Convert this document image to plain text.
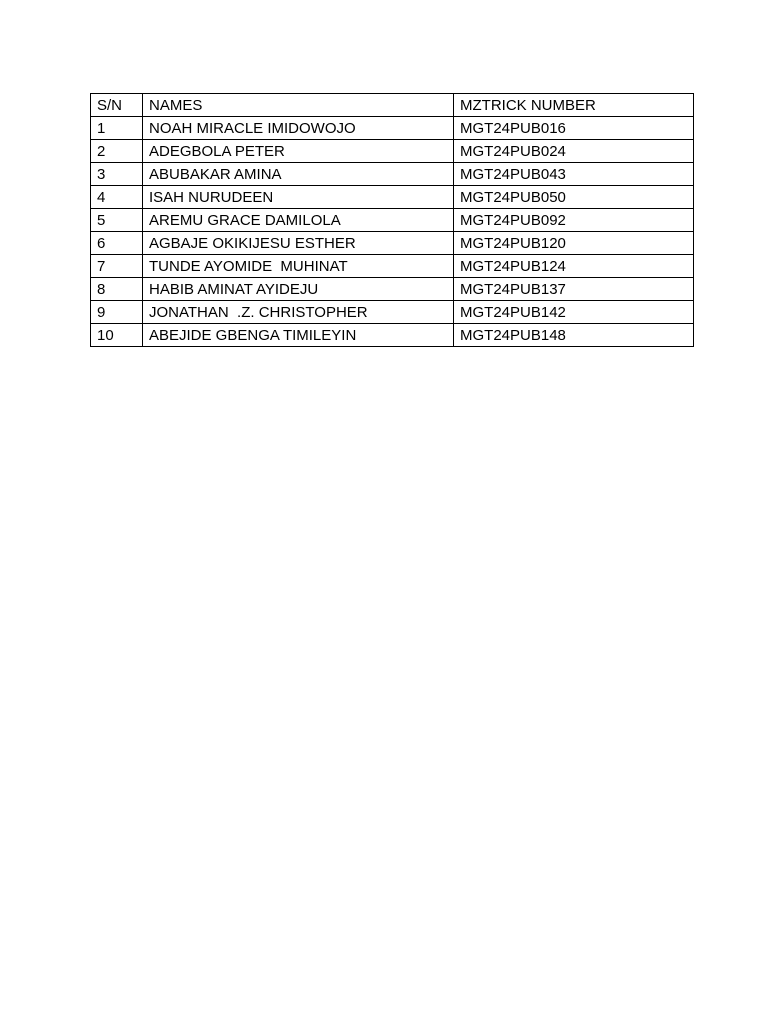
S/N	NAMES	MZTRICK NUMBER
1	NOAH MIRACLE IMIDOWOJO	MGT24PUB016
2	ADEGBOLA PETER	MGT24PUB024
3	ABUBAKAR AMINA	MGT24PUB043
4	ISAH NURUDEEN	MGT24PUB050
5	AREMU GRACE DAMILOLA	MGT24PUB092
6	AGBAJE OKIKIJESU ESTHER	MGT24PUB120
7	TUNDE AYOMIDE  MUHINAT	MGT24PUB124
8	HABIB AMINAT AYIDEJU	MGT24PUB137
9	JONATHAN  .Z. CHRISTOPHER	MGT24PUB142
10	ABEJIDE GBENGA TIMILEYIN	MGT24PUB148
